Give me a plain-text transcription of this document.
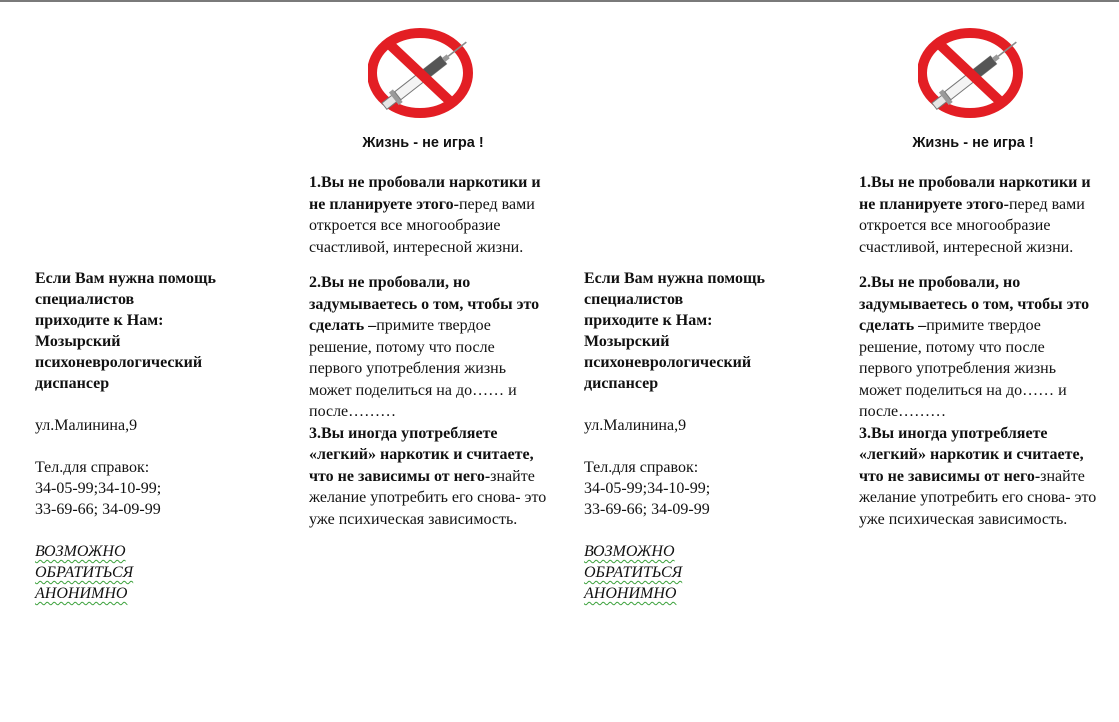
Если Вам нужна помощь
специалистов
приходите к Нам:
Мозырский
психоневрологический
диспансер
ул.Малинина,9
Тел.для справок:
34-05-99;34-10-99;
33-69-66; 34-09-99
ВОЗМОЖНО
ОБРАТИТЬСЯ
АНОНИМНО
Жизнь - не игра !

1.Вы не пробовали наркотики и не планируете этого-перед вами откроется все многообразие счастливой, интересной жизни.

2.Вы не пробовали, но задумываетесь о том, чтобы это сделать –примите твердое решение, потому что после первого употребления жизнь может поделиться на до…… и после………

3.Вы иногда употребляете «легкий» наркотик и считаете, что не зависимы от него-знайте желание употребить его снова- это уже психическая зависимость.

Если Вам нужна помощь
специалистов
приходите к Нам:
Мозырский
психоневрологический
диспансер
ул.Малинина,9
Тел.для справок:
34-05-99;34-10-99;
33-69-66; 34-09-99
ВОЗМОЖНО
ОБРАТИТЬСЯ
АНОНИМНО
Жизнь - не игра !

1.Вы не пробовали наркотики и не планируете этого-перед вами откроется все многообразие счастливой, интересной жизни.

2.Вы не пробовали, но задумываетесь о том, чтобы это сделать –примите твердое решение, потому что после первого употребления жизнь может поделиться на до…… и после………

3.Вы иногда употребляете «легкий» наркотик и считаете, что не зависимы от него-знайте желание употребить его снова- это уже психическая зависимость.
